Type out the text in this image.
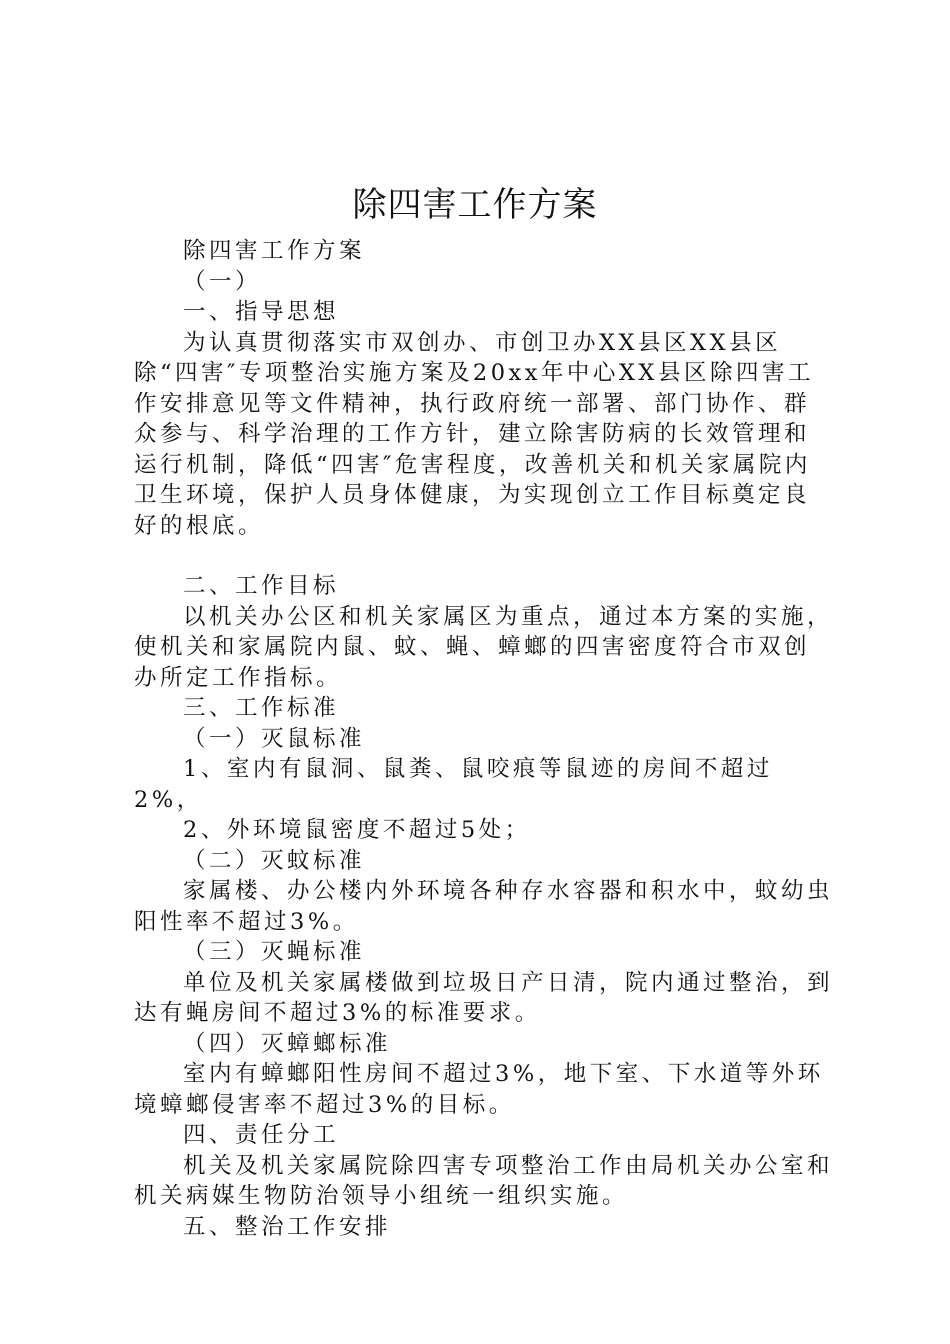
除四害工作方案

除四害工作方案

（一）

一、指导思想

为认真贯彻落实市双创办、市创卫办XX县区XX县区除“四害″专项整治实施方案及20xx年中心XX县区除四害工作安排意见等文件精神，执行政府统一部署、部门协作、群众参与、科学治理的工作方针，建立除害防病的长效管理和运行机制，降低“四害″危害程度，改善机关和机关家属院内卫生环境，保护人员身体健康，为实现创立工作目标奠定良好的根底。

二、工作目标

以机关办公区和机关家属区为重点，通过本方案的实施，使机关和家属院内鼠、蚊、蝇、蟑螂的四害密度符合市双创办所定工作指标。

三、工作标准

（一）灭鼠标准

1、室内有鼠洞、鼠粪、鼠咬痕等鼠迹的房间不超过2%，

2、外环境鼠密度不超过5处；

（二）灭蚊标准

家属楼、办公楼内外环境各种存水容器和积水中，蚊幼虫阳性率不超过3%。

（三）灭蝇标准

单位及机关家属楼做到垃圾日产日清，院内通过整治，到达有蝇房间不超过3%的标准要求。

（四）灭蟑螂标准

室内有蟑螂阳性房间不超过3%，地下室、下水道等外环境蟑螂侵害率不超过3%的目标。

四、责任分工

机关及机关家属院除四害专项整治工作由局机关办公室和机关病媒生物防治领导小组统一组织实施。

五、整治工作安排
